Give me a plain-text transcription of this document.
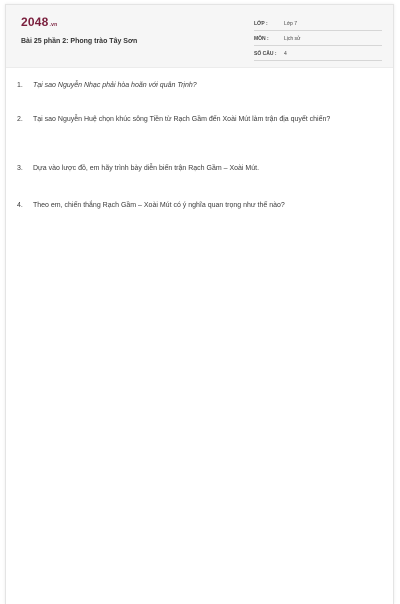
2048.vn
Bài 25 phần 2: Phong trào Tây Sơn
LỚP :	Lớp 7
MÔN :	Lịch sử
SỐ CÂU : 4
1. Tại sao Nguyễn Nhạc phải hòa hoãn với quân Trịnh?
2. Tại sao Nguyễn Huệ chọn khúc sông Tiền từ Rạch Gầm đến Xoài Mút làm trận địa quyết chiến?
3. Dựa vào lược đồ, em hãy trình bày diễn biến trận Rạch Gầm – Xoài Mút.
4. Theo em, chiến thắng Rạch Gầm – Xoài Mút có ý nghĩa quan trọng như thế nào?
